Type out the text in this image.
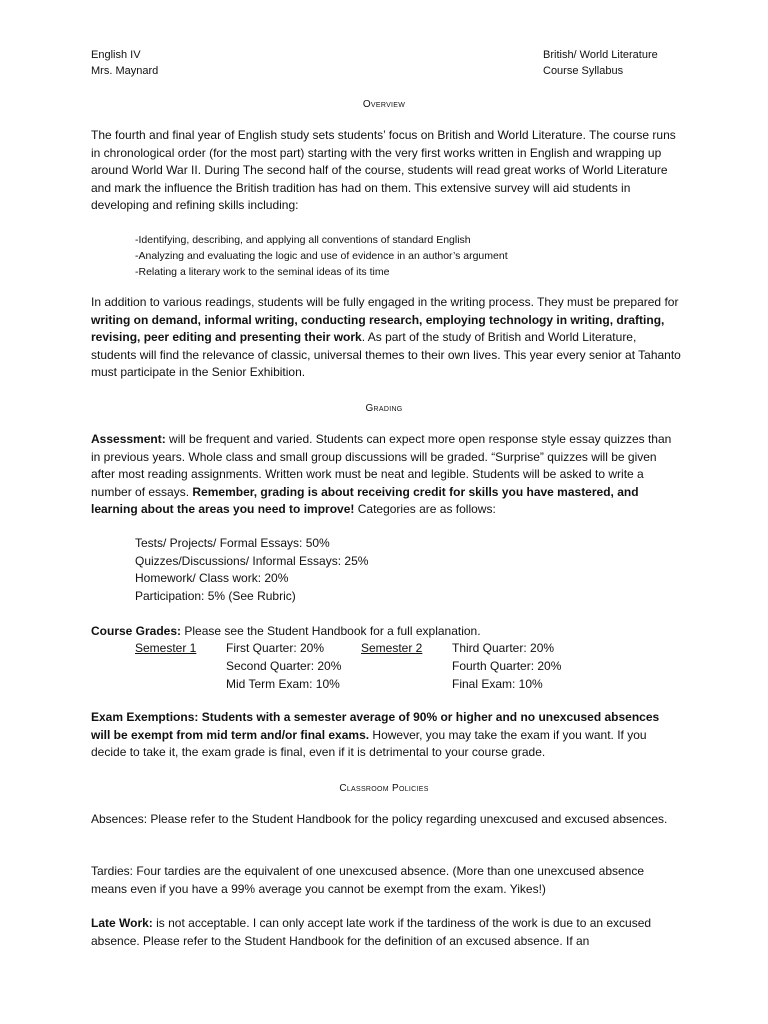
English IV
Mrs. Maynard
British/ World Literature
Course Syllabus
Overview
The fourth and final year of English study sets students’ focus on British and World Literature. The course runs in chronological order (for the most part) starting with the very first works written in English and wrapping up around World War II. During The second half of the course, students will read great works of World Literature and mark the influence the British tradition has had on them. This extensive survey will aid students in developing and refining skills including:
-Identifying, describing, and applying all conventions of standard English
-Analyzing and evaluating the logic and use of evidence in an author’s argument
-Relating a literary work to the seminal ideas of its time
In addition to various readings, students will be fully engaged in the writing process. They must be prepared for writing on demand, informal writing, conducting research, employing technology in writing, drafting, revising, peer editing and presenting their work. As part of the study of British and World Literature, students will find the relevance of classic, universal themes to their own lives. This year every senior at Tahanto must participate in the Senior Exhibition.
Grading
Assessment: will be frequent and varied. Students can expect more open response style essay quizzes than in previous years. Whole class and small group discussions will be graded. “Surprise” quizzes will be given after most reading assignments. Written work must be neat and legible. Students will be asked to write a number of essays. Remember, grading is about receiving credit for skills you have mastered, and learning about the areas you need to improve! Categories are as follows:
Tests/ Projects/ Formal Essays: 50%
Quizzes/Discussions/ Informal Essays: 25%
Homework/ Class work: 20%
Participation: 5% (See Rubric)
Course Grades: Please see the Student Handbook for a full explanation.
Semester 1 First Quarter: 20%	Semester 2 Third Quarter: 20%
Second Quarter: 20%	Fourth Quarter: 20%
Mid Term Exam: 10%	Final Exam: 10%
Exam Exemptions: Students with a semester average of 90% or higher and no unexcused absences will be exempt from mid term and/or final exams. However, you may take the exam if you want. If you decide to take it, the exam grade is final, even if it is detrimental to your course grade.
Classroom Policies
Absences: Please refer to the Student Handbook for the policy regarding unexcused and excused absences.
Tardies: Four tardies are the equivalent of one unexcused absence. (More than one unexcused absence means even if you have a 99% average you cannot be exempt from the exam. Yikes!)
Late Work: is not acceptable. I can only accept late work if the tardiness of the work is due to an excused absence. Please refer to the Student Handbook for the definition of an excused absence. If an
